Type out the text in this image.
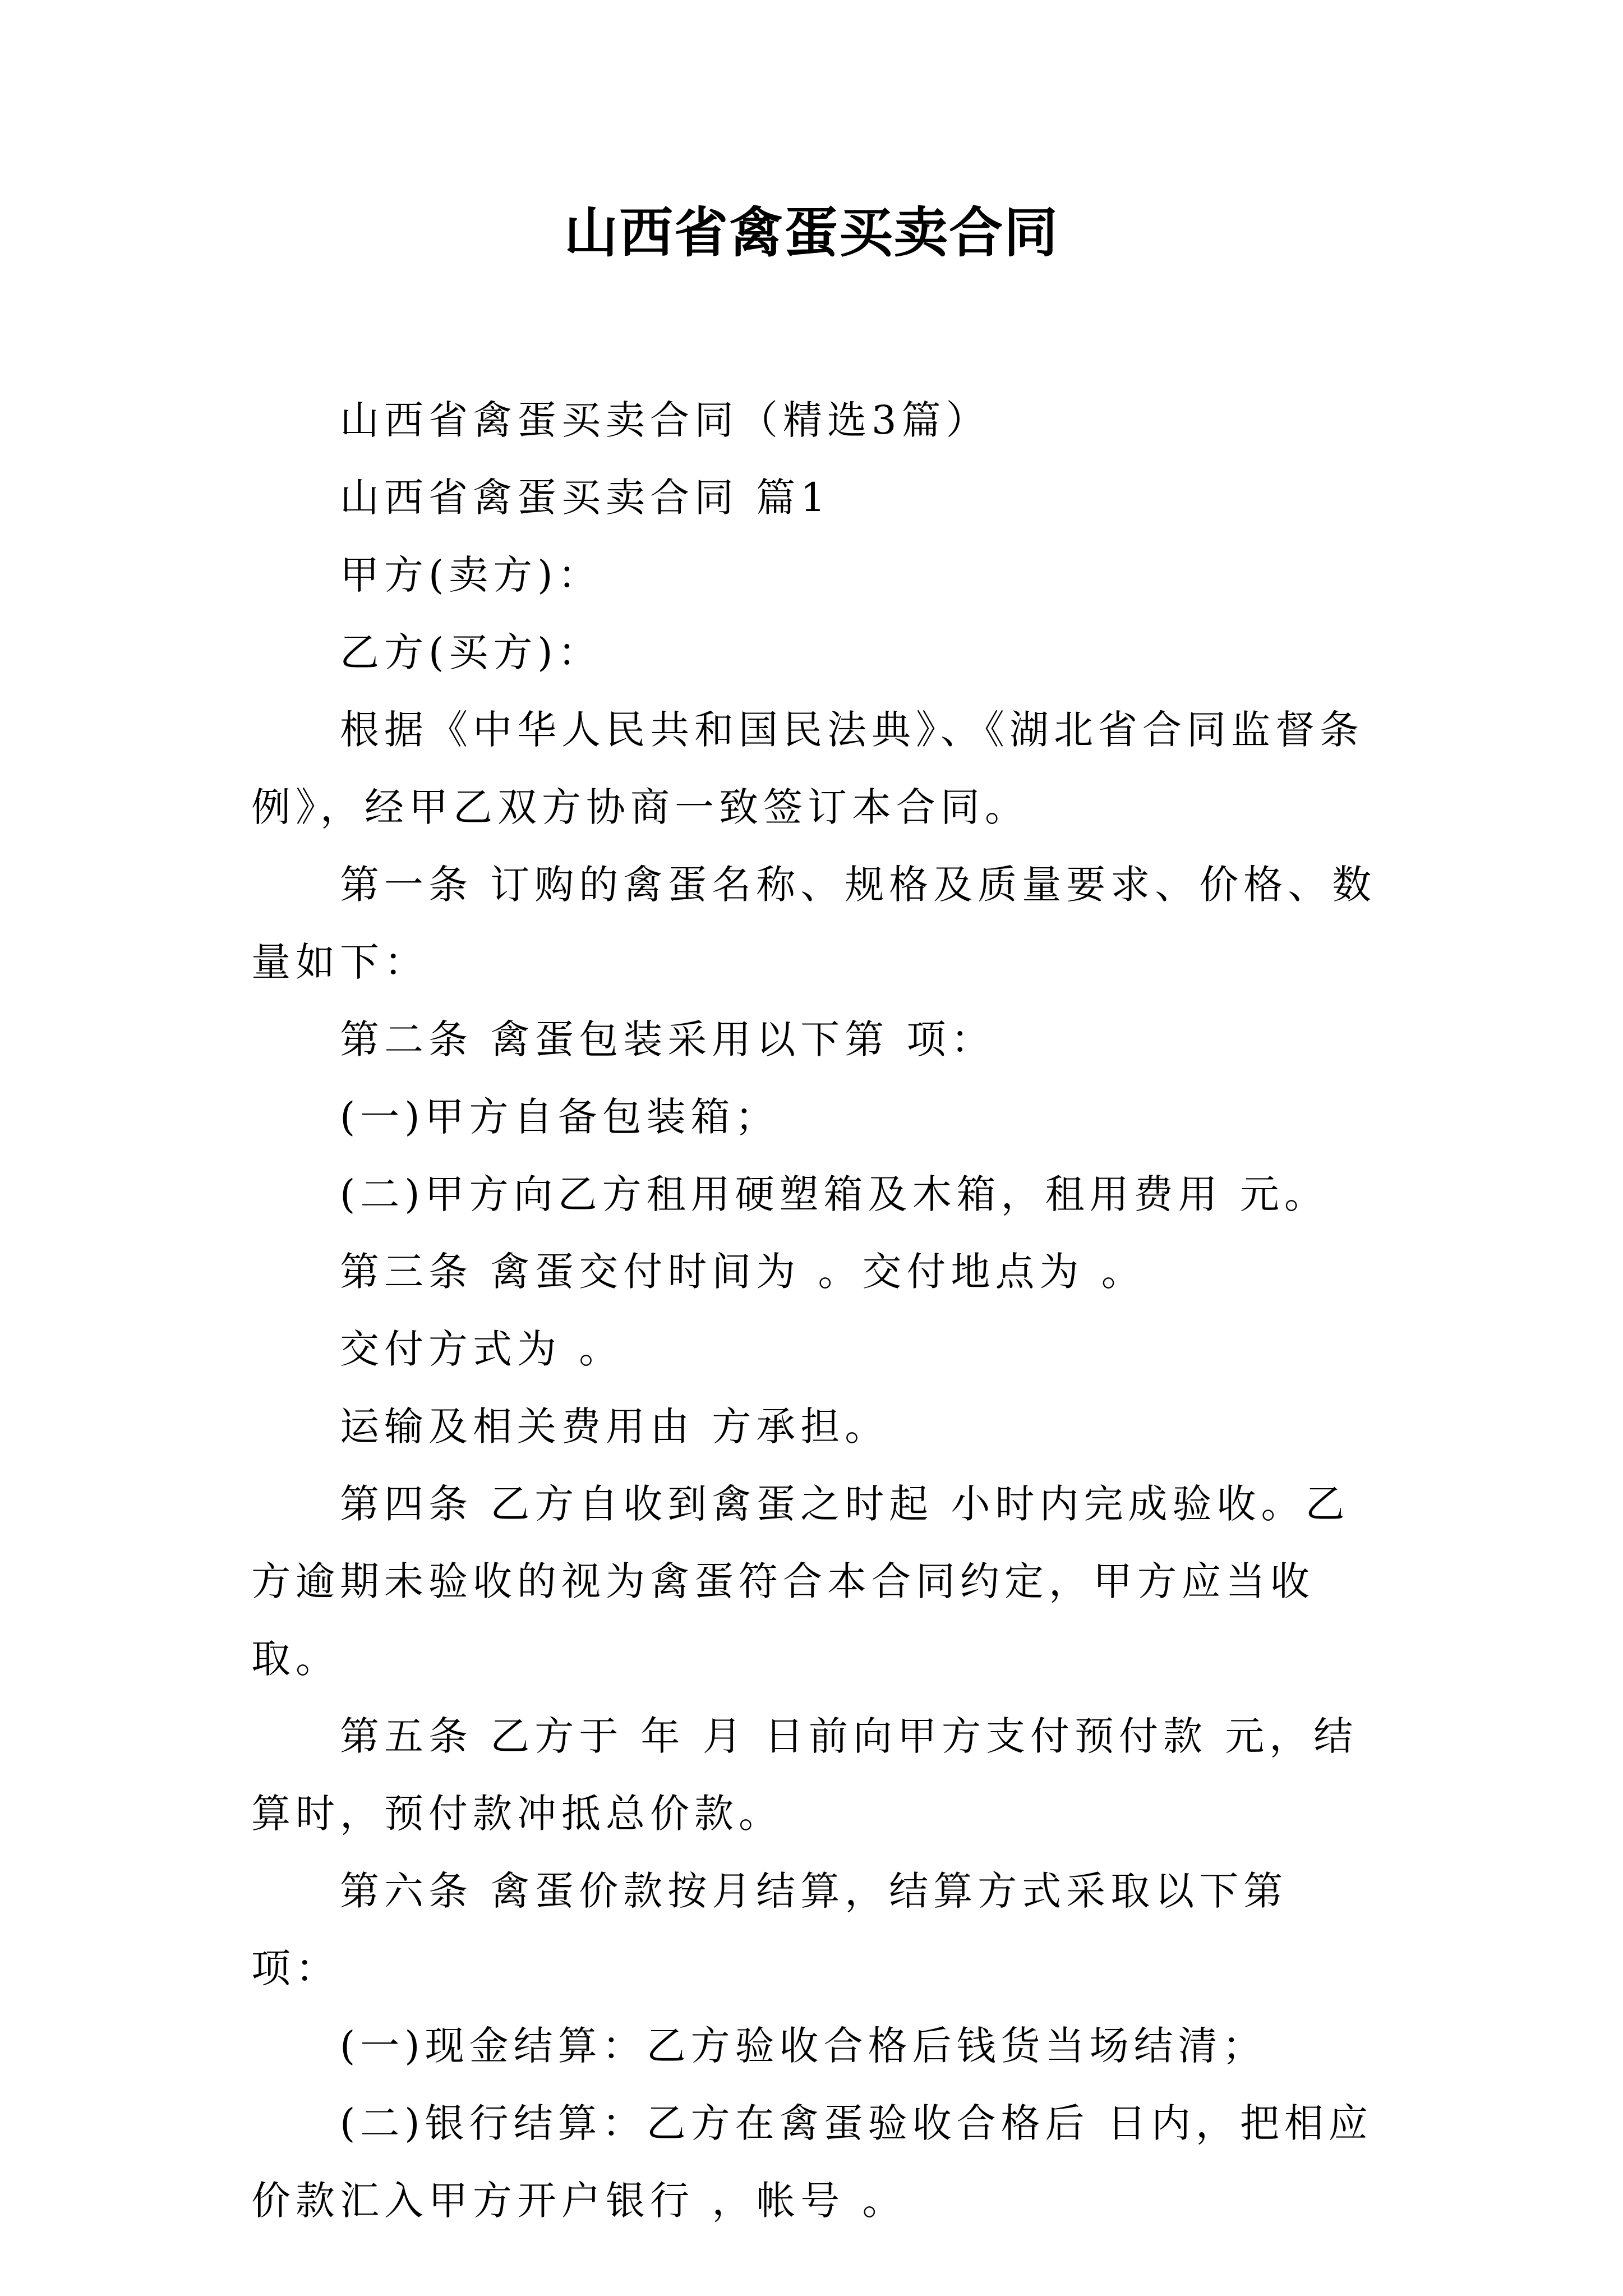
山西省禽蛋买卖合同

山西省禽蛋买卖合同（精选3篇）

山西省禽蛋买卖合同 篇1

甲方(卖方)：

乙方(买方)：

根据《中华人民共和国民法典》、《湖北省合同监督条例》，经甲乙双方协商一致签订本合同。

第一条 订购的禽蛋名称、规格及质量要求、价格、数量如下：

第二条 禽蛋包装采用以下第 项：

(一)甲方自备包装箱；

(二)甲方向乙方租用硬塑箱及木箱，租用费用 元。

第三条 禽蛋交付时间为 。交付地点为 。

交付方式为 。

运输及相关费用由 方承担。

第四条 乙方自收到禽蛋之时起 小时内完成验收。乙方逾期未验收的视为禽蛋符合本合同约定，甲方应当收取。

第五条 乙方于 年 月 日前向甲方支付预付款 元，结算时，预付款冲抵总价款。

第六条 禽蛋价款按月结算，结算方式采取以下第 项：

(一)现金结算：乙方验收合格后钱货当场结清；

(二)银行结算：乙方在禽蛋验收合格后 日内，把相应价款汇入甲方开户银行 ，帐号 。
